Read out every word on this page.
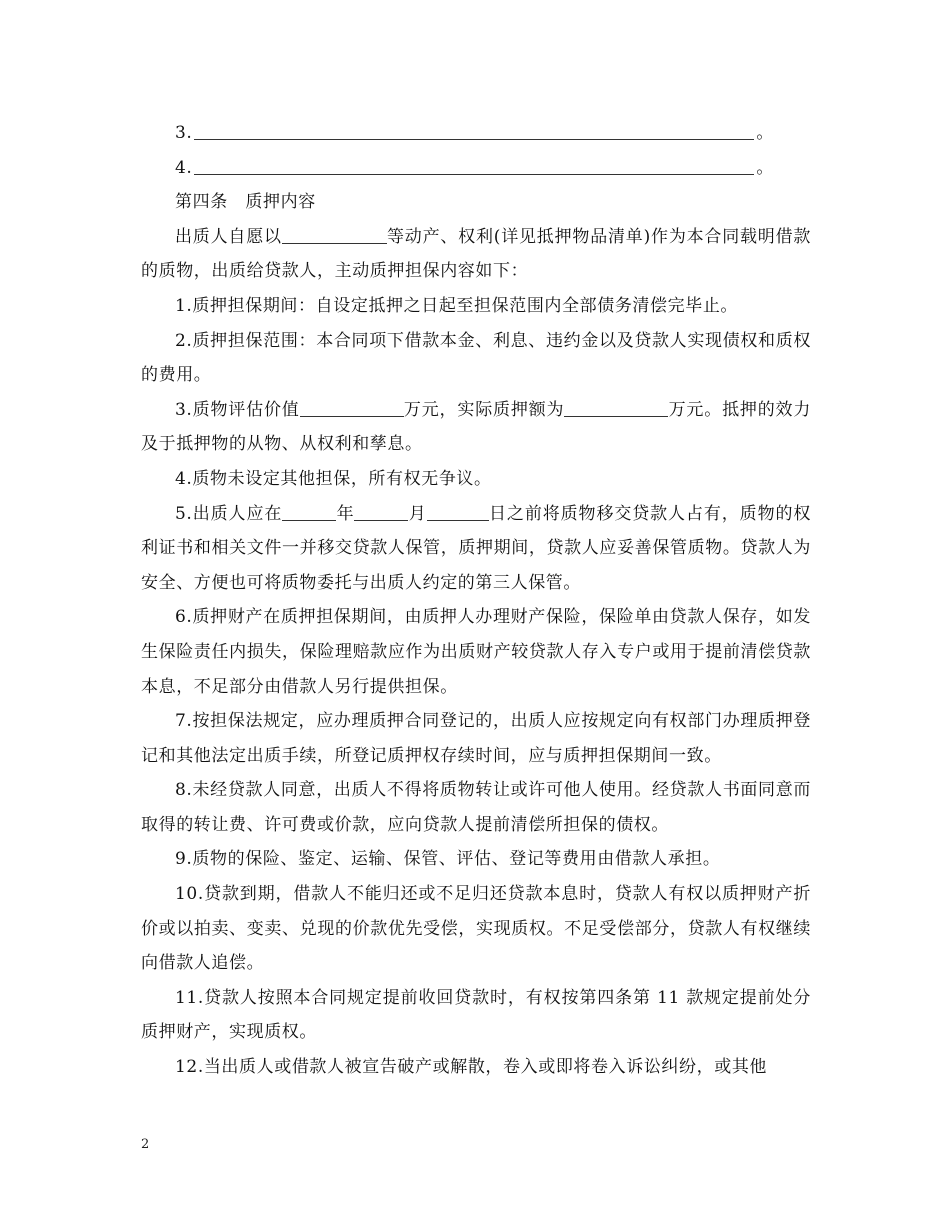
3.	。

4.	。

第四条　质押内容

出质人自愿以	等动产、权利(详见抵押物品清单)作为本合同载明借款的质物，出质给贷款人，主动质押担保内容如下：

1.质押担保期间：自设定抵押之日起至担保范围内全部债务清偿完毕止。

2.质押担保范围：本合同项下借款本金、利息、违约金以及贷款人实现债权和质权的费用。

3.质物评估价值	万元，实际质押额为	万元。抵押的效力及于抵押物的从物、从权利和孳息。

4.质物未设定其他担保，所有权无争议。

5.出质人应在	年	月	日之前将质物移交贷款人占有，质物的权利证书和相关文件一并移交贷款人保管，质押期间，贷款人应妥善保管质物。贷款人为安全、方便也可将质物委托与出质人约定的第三人保管。

6.质押财产在质押担保期间，由质押人办理财产保险，保险单由贷款人保存，如发生保险责任内损失，保险理赔款应作为出质财产较贷款人存入专户或用于提前清偿贷款本息，不足部分由借款人另行提供担保。

7.按担保法规定，应办理质押合同登记的，出质人应按规定向有权部门办理质押登记和其他法定出质手续，所登记质押权存续时间，应与质押担保期间一致。

8.未经贷款人同意，出质人不得将质物转让或许可他人使用。经贷款人书面同意而取得的转让费、许可费或价款，应向贷款人提前清偿所担保的债权。

9.质物的保险、鉴定、运输、保管、评估、登记等费用由借款人承担。

10.贷款到期，借款人不能归还或不足归还贷款本息时，贷款人有权以质押财产折价或以拍卖、变卖、兑现的价款优先受偿，实现质权。不足受偿部分，贷款人有权继续向借款人追偿。

11.贷款人按照本合同规定提前收回贷款时，有权按第四条第 11 款规定提前处分质押财产，实现质权。

12.当出质人或借款人被宣告破产或解散，卷入或即将卷入诉讼纠纷，或其他

2
